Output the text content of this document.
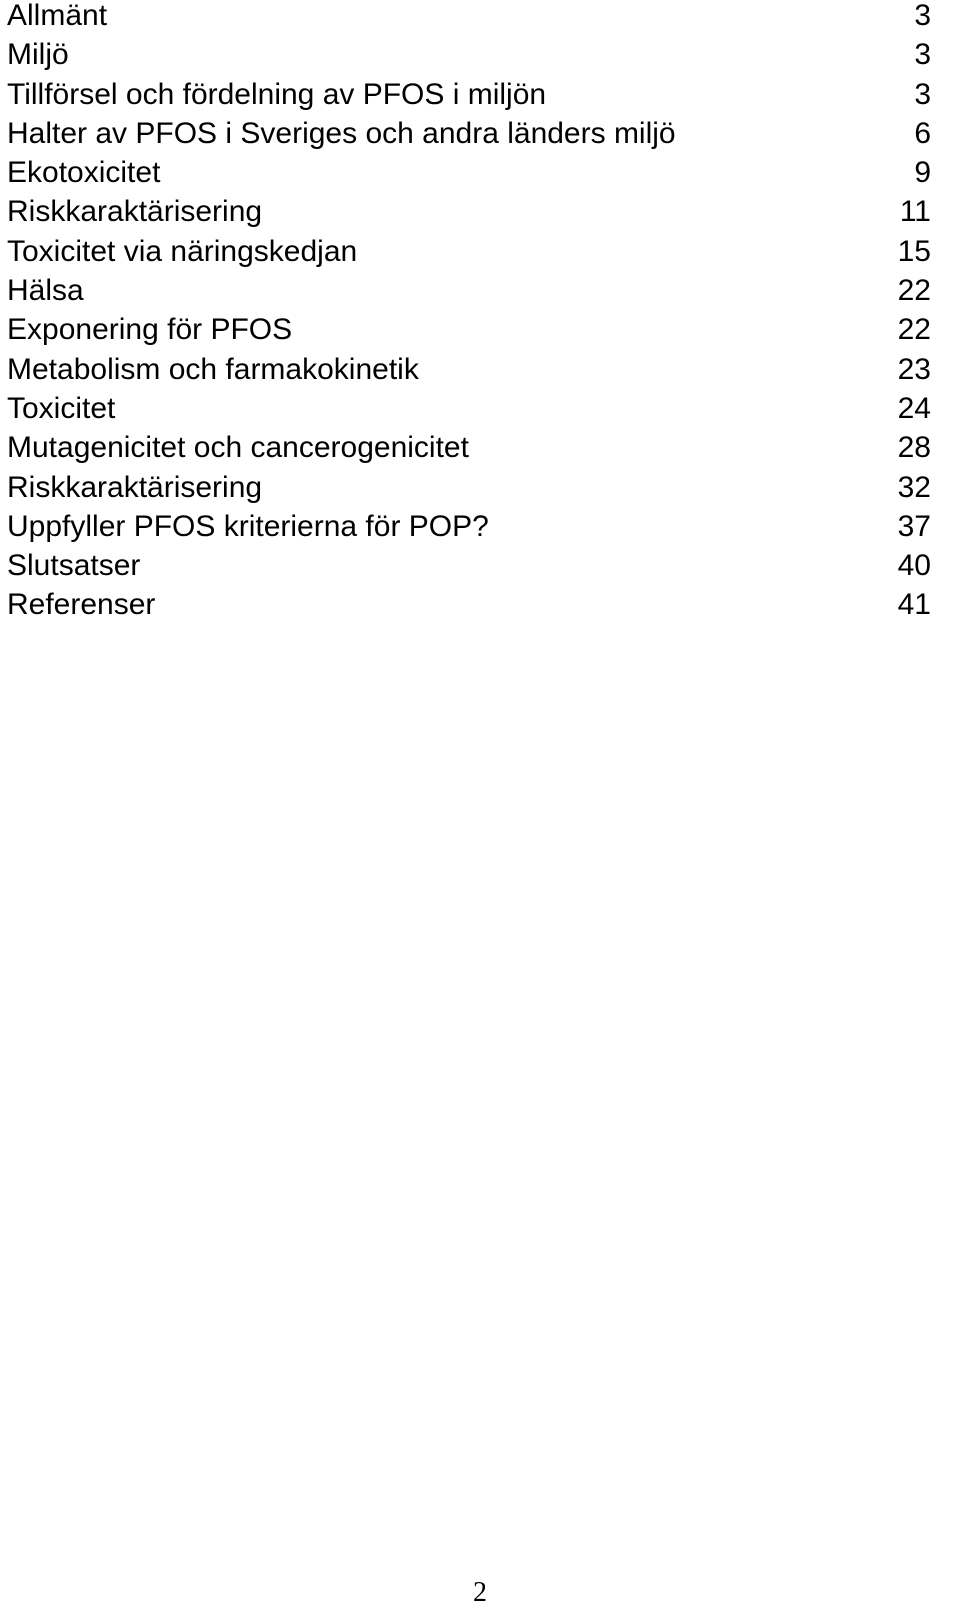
Allmänt	3
Miljö	3
Tillförsel och fördelning av PFOS i miljön	3
Halter av PFOS i Sveriges och andra länders miljö	6
Ekotoxicitet	9
Riskkaraktärisering	11
Toxicitet via näringskedjan	15
Hälsa	22
Exponering för PFOS	22
Metabolism och farmakokinetik	23
Toxicitet	24
Mutagenicitet och cancerogenicitet	28
Riskkaraktärisering	32
Uppfyller PFOS kriterierna för POP?	37
Slutsatser	40
Referenser	41
2
